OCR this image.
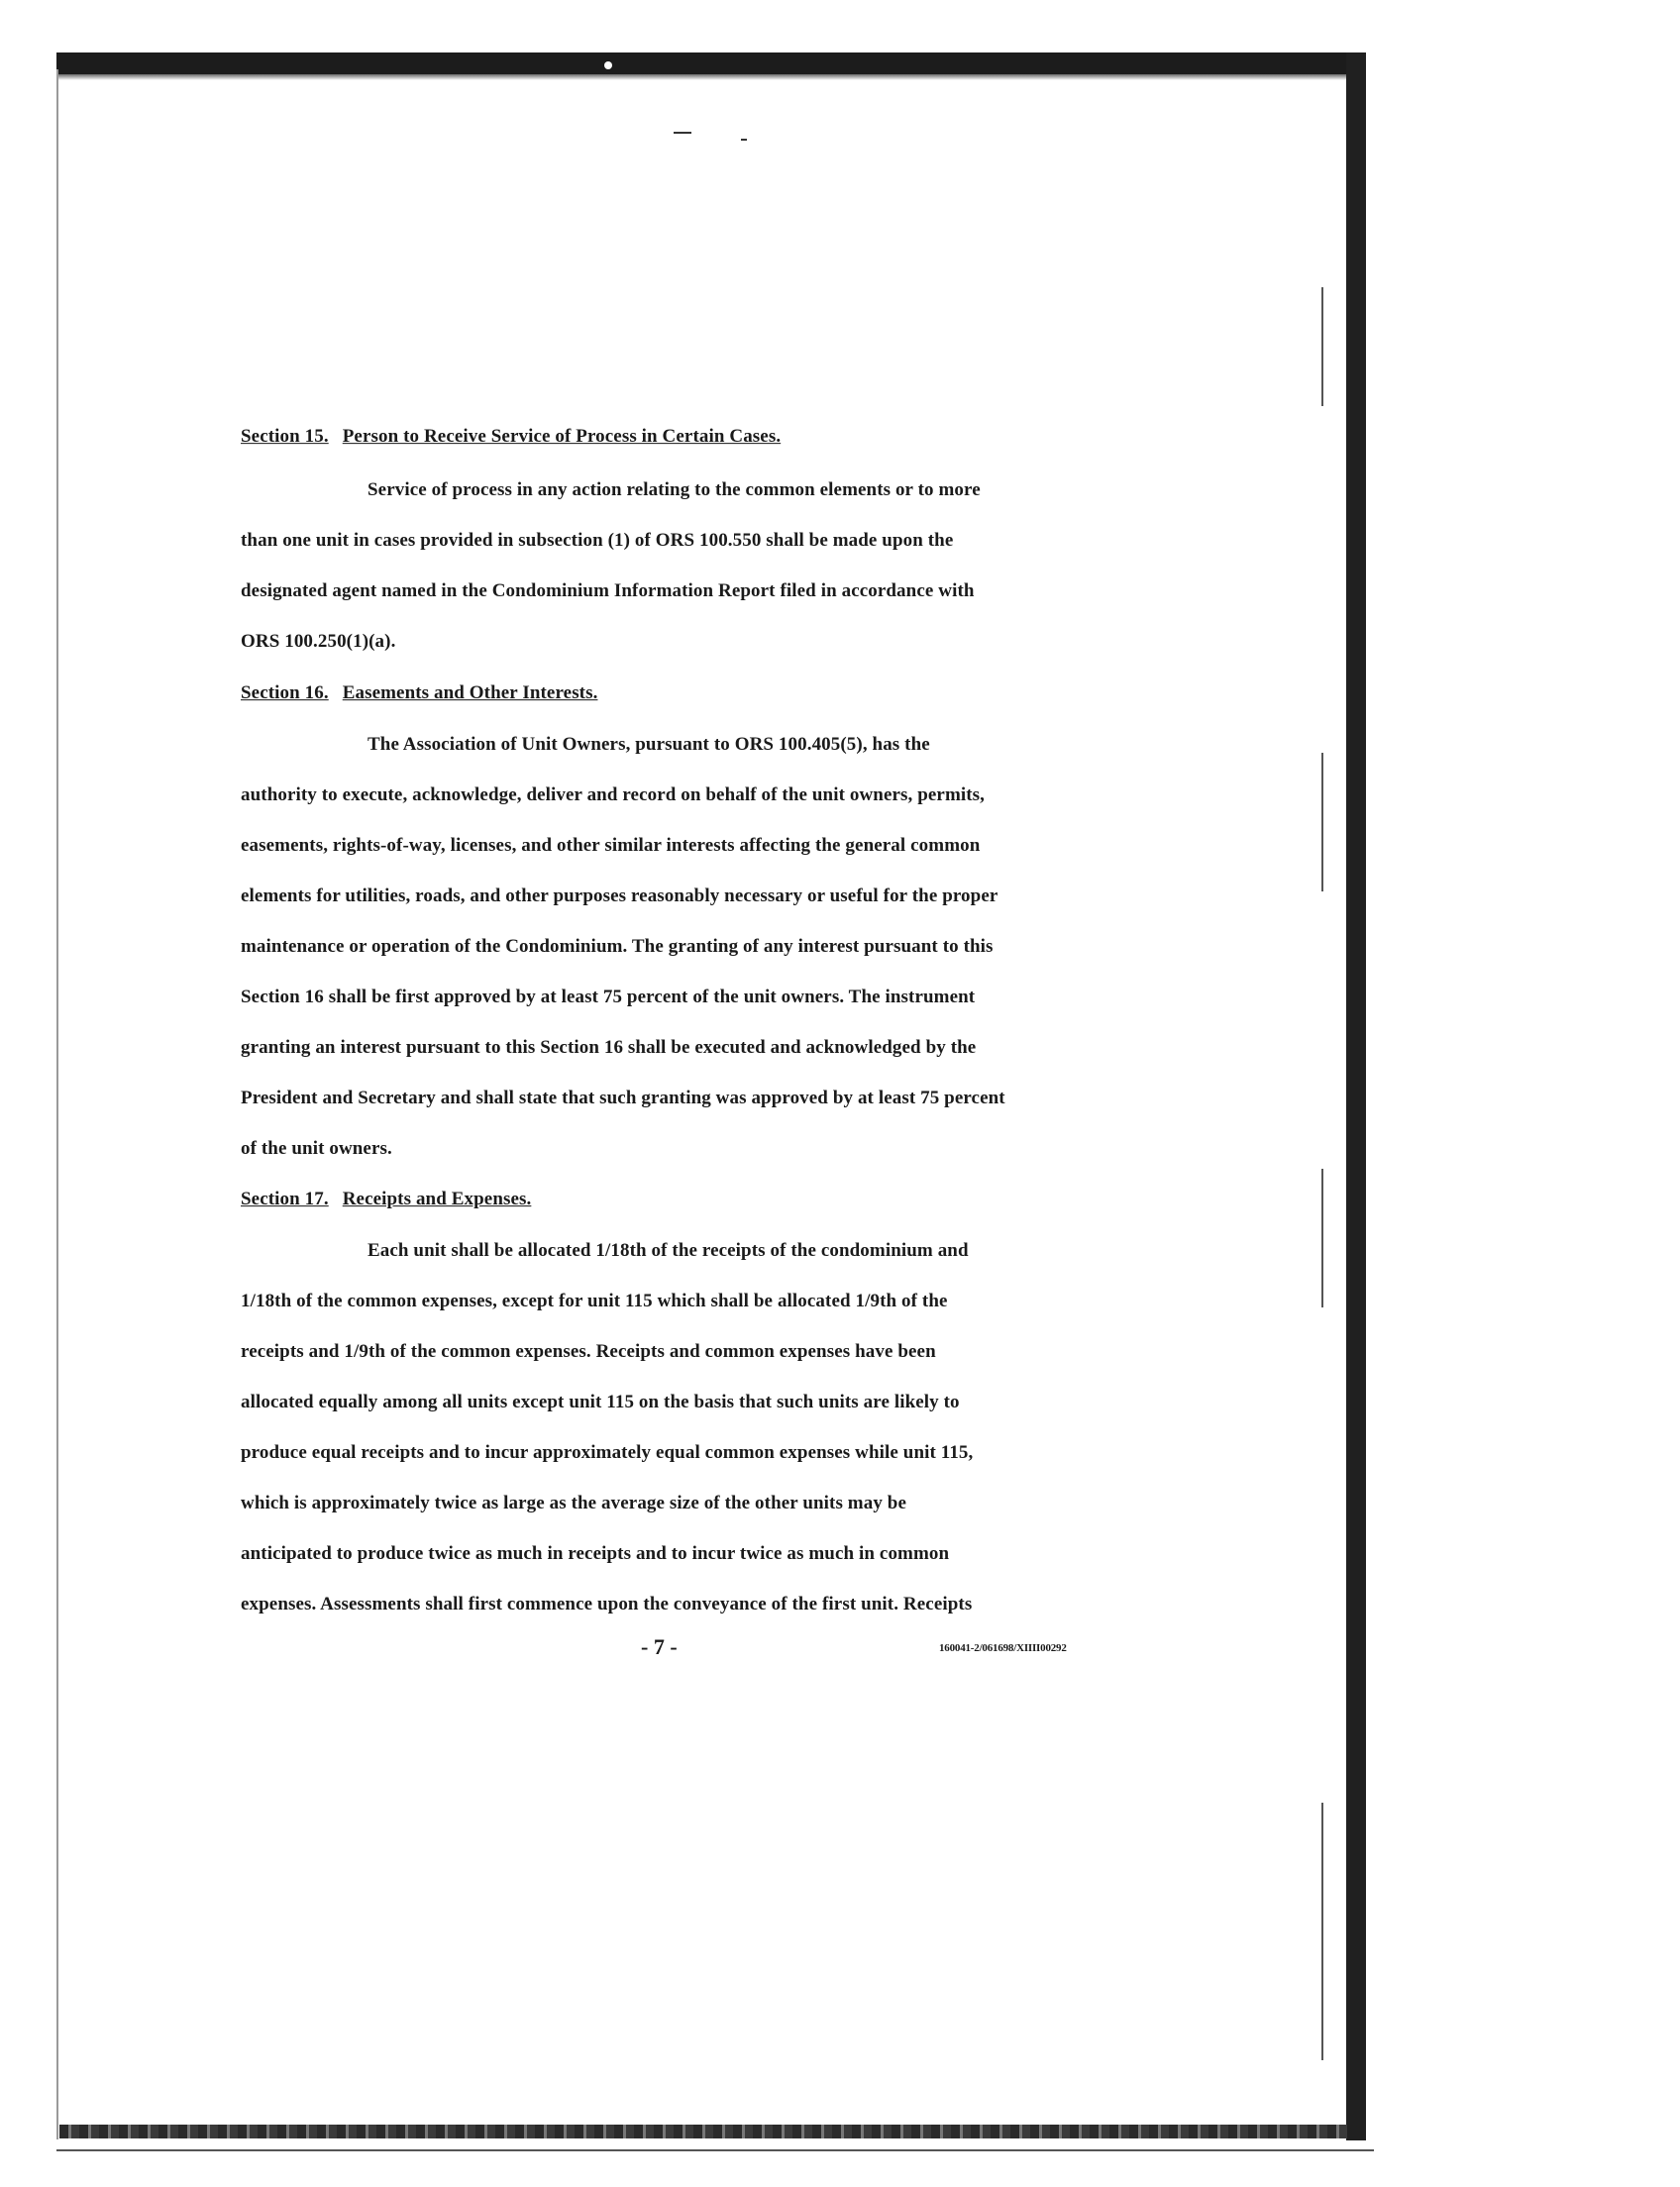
Section 15. Person to Receive Service of Process in Certain Cases.
Service of process in any action relating to the common elements or to more
than one unit in cases provided in subsection (1) of ORS 100.550 shall be made upon the
designated agent named in the Condominium Information Report filed in accordance with
ORS 100.250(1)(a).
Section 16. Easements and Other Interests.
The Association of Unit Owners, pursuant to ORS 100.405(5), has the
authority to execute, acknowledge, deliver and record on behalf of the unit owners, permits,
easements, rights-of-way, licenses, and other similar interests affecting the general common
elements for utilities, roads, and other purposes reasonably necessary or useful for the proper
maintenance or operation of the Condominium. The granting of any interest pursuant to this
Section 16 shall be first approved by at least 75 percent of the unit owners. The instrument
granting an interest pursuant to this Section 16 shall be executed and acknowledged by the
President and Secretary and shall state that such granting was approved by at least 75 percent
of the unit owners.
Section 17. Receipts and Expenses.
Each unit shall be allocated 1/18th of the receipts of the condominium and
1/18th of the common expenses, except for unit 115 which shall be allocated 1/9th of the
receipts and 1/9th of the common expenses. Receipts and common expenses have been
allocated equally among all units except unit 115 on the basis that such units are likely to
produce equal receipts and to incur approximately equal common expenses while unit 115,
which is approximately twice as large as the average size of the other units may be
anticipated to produce twice as much in receipts and to incur twice as much in common
expenses. Assessments shall first commence upon the conveyance of the first unit. Receipts
- 7 -	160041-2/061698/XIIII00292
